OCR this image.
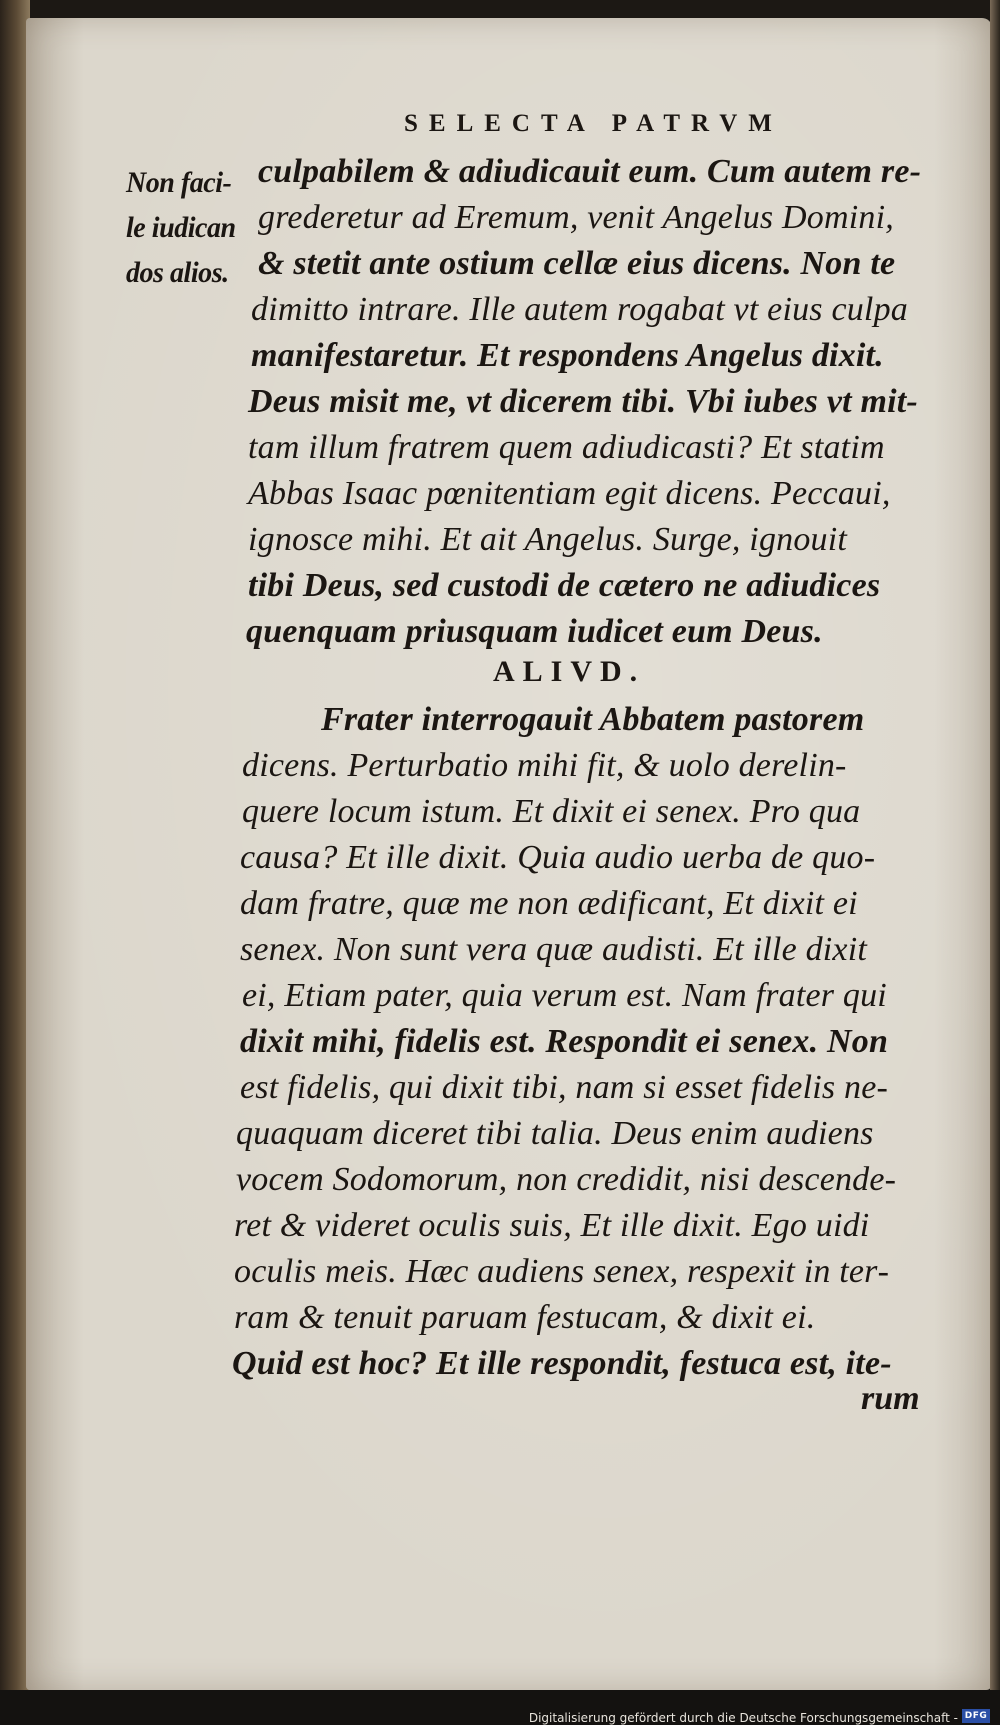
SELECTA PATRVM
Non faci‑
le iudican
dos alios.
culpabilem & adiudicauit eum. Cum autem re‑
grederetur ad Eremum, venit Angelus Domini,
& stetit ante ostium cellæ eius dicens. Non te
dimitto intrare. Ille autem rogabat vt eius culpa
manifestaretur. Et respondens Angelus dixit.
Deus misit me, vt dicerem tibi. Vbi iubes vt mit‑
tam illum fratrem quem adiudicasti? Et statim
Abbas Isaac pœnitentiam egit dicens. Peccaui,
ignosce mihi. Et ait Angelus. Surge, ignouit
tibi Deus, sed custodi de cætero ne adiudices
quenquam priusquam iudicet eum Deus.
ALIVD.
Frater interrogauit Abbatem pastorem
dicens. Perturbatio mihi fit, & uolo derelin‑
quere locum istum. Et dixit ei senex. Pro qua
causa? Et ille dixit. Quia audio uerba de quo‑
dam fratre, quæ me non ædificant, Et dixit ei
senex. Non sunt vera quæ audisti. Et ille dixit
ei, Etiam pater, quia verum est. Nam frater qui
dixit mihi, fidelis est. Respondit ei senex. Non
est fidelis, qui dixit tibi, nam si esset fidelis ne‑
quaquam diceret tibi talia. Deus enim audiens
vocem Sodomorum, non credidit, nisi descende‑
ret & videret oculis suis, Et ille dixit. Ego uidi
oculis meis. Hæc audiens senex, respexit in ter‑
ram & tenuit paruam festucam, & dixit ei.
Quid est hoc? Et ille respondit, festuca est, ite‑
rum
Digitalisierung gefördert durch die Deutsche Forschungsgemeinschaft - DFG
